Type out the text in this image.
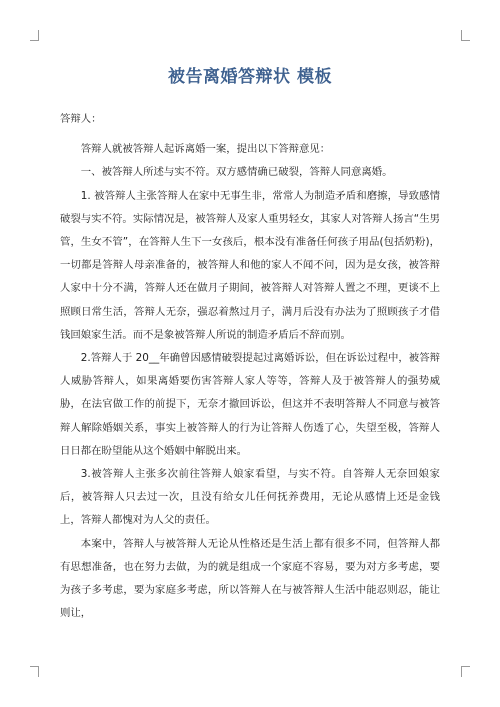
被告离婚答辩状 模板

答辩人：

答辩人就被答辩人起诉离婚一案，提出以下答辩意见：

一、被答辩人所述与实不符。双方感情确已破裂，答辩人同意离婚。

1. 被答辩人主张答辩人在家中无事生非，常常人为制造矛盾和磨擦，导致感情破裂与实不符。实际情况是，被答辩人及家人重男轻女，其家人对答辩人扬言“生男管，生女不管”，在答辩人生下一女孩后，根本没有准备任何孩子用品(包括奶粉)，一切都是答辩人母亲准备的，被答辩人和他的家人不闻不问，因为是女孩，被答辩人家中十分不满，答辩人还在做月子期间，被答辩人对答辩人置之不理，更谈不上照顾日常生活，答辩人无奈，强忍着熬过月子，满月后没有办法为了照顾孩子才借钱回娘家生活。而不是象被答辩人所说的制造矛盾后不辞而别。

2.答辩人于 20__年确曾因感情破裂提起过离婚诉讼，但在诉讼过程中，被答辩人威胁答辩人，如果离婚要伤害答辩人家人等等，答辩人及于被答辩人的强势威胁，在法官做工作的前提下，无奈才撤回诉讼，但这并不表明答辩人不同意与被答辩人解除婚姻关系，事实上被答辩人的行为让答辩人伤透了心，失望至极，答辩人日日都在盼望能从这个婚姻中解脱出来。

3.被答辩人主张多次前往答辩人娘家看望，与实不符。自答辩人无奈回娘家后，被答辩人只去过一次，且没有给女儿任何抚养费用，无论从感情上还是金钱上，答辩人都愧对为人父的责任。

本案中，答辩人与被答辩人无论从性格还是生活上都有很多不同，但答辩人都有思想准备，也在努力去做，为的就是组成一个家庭不容易，要为对方多考虑，要为孩子多考虑，要为家庭多考虑，所以答辩人在与被答辩人生活中能忍则忍，能让则让，
